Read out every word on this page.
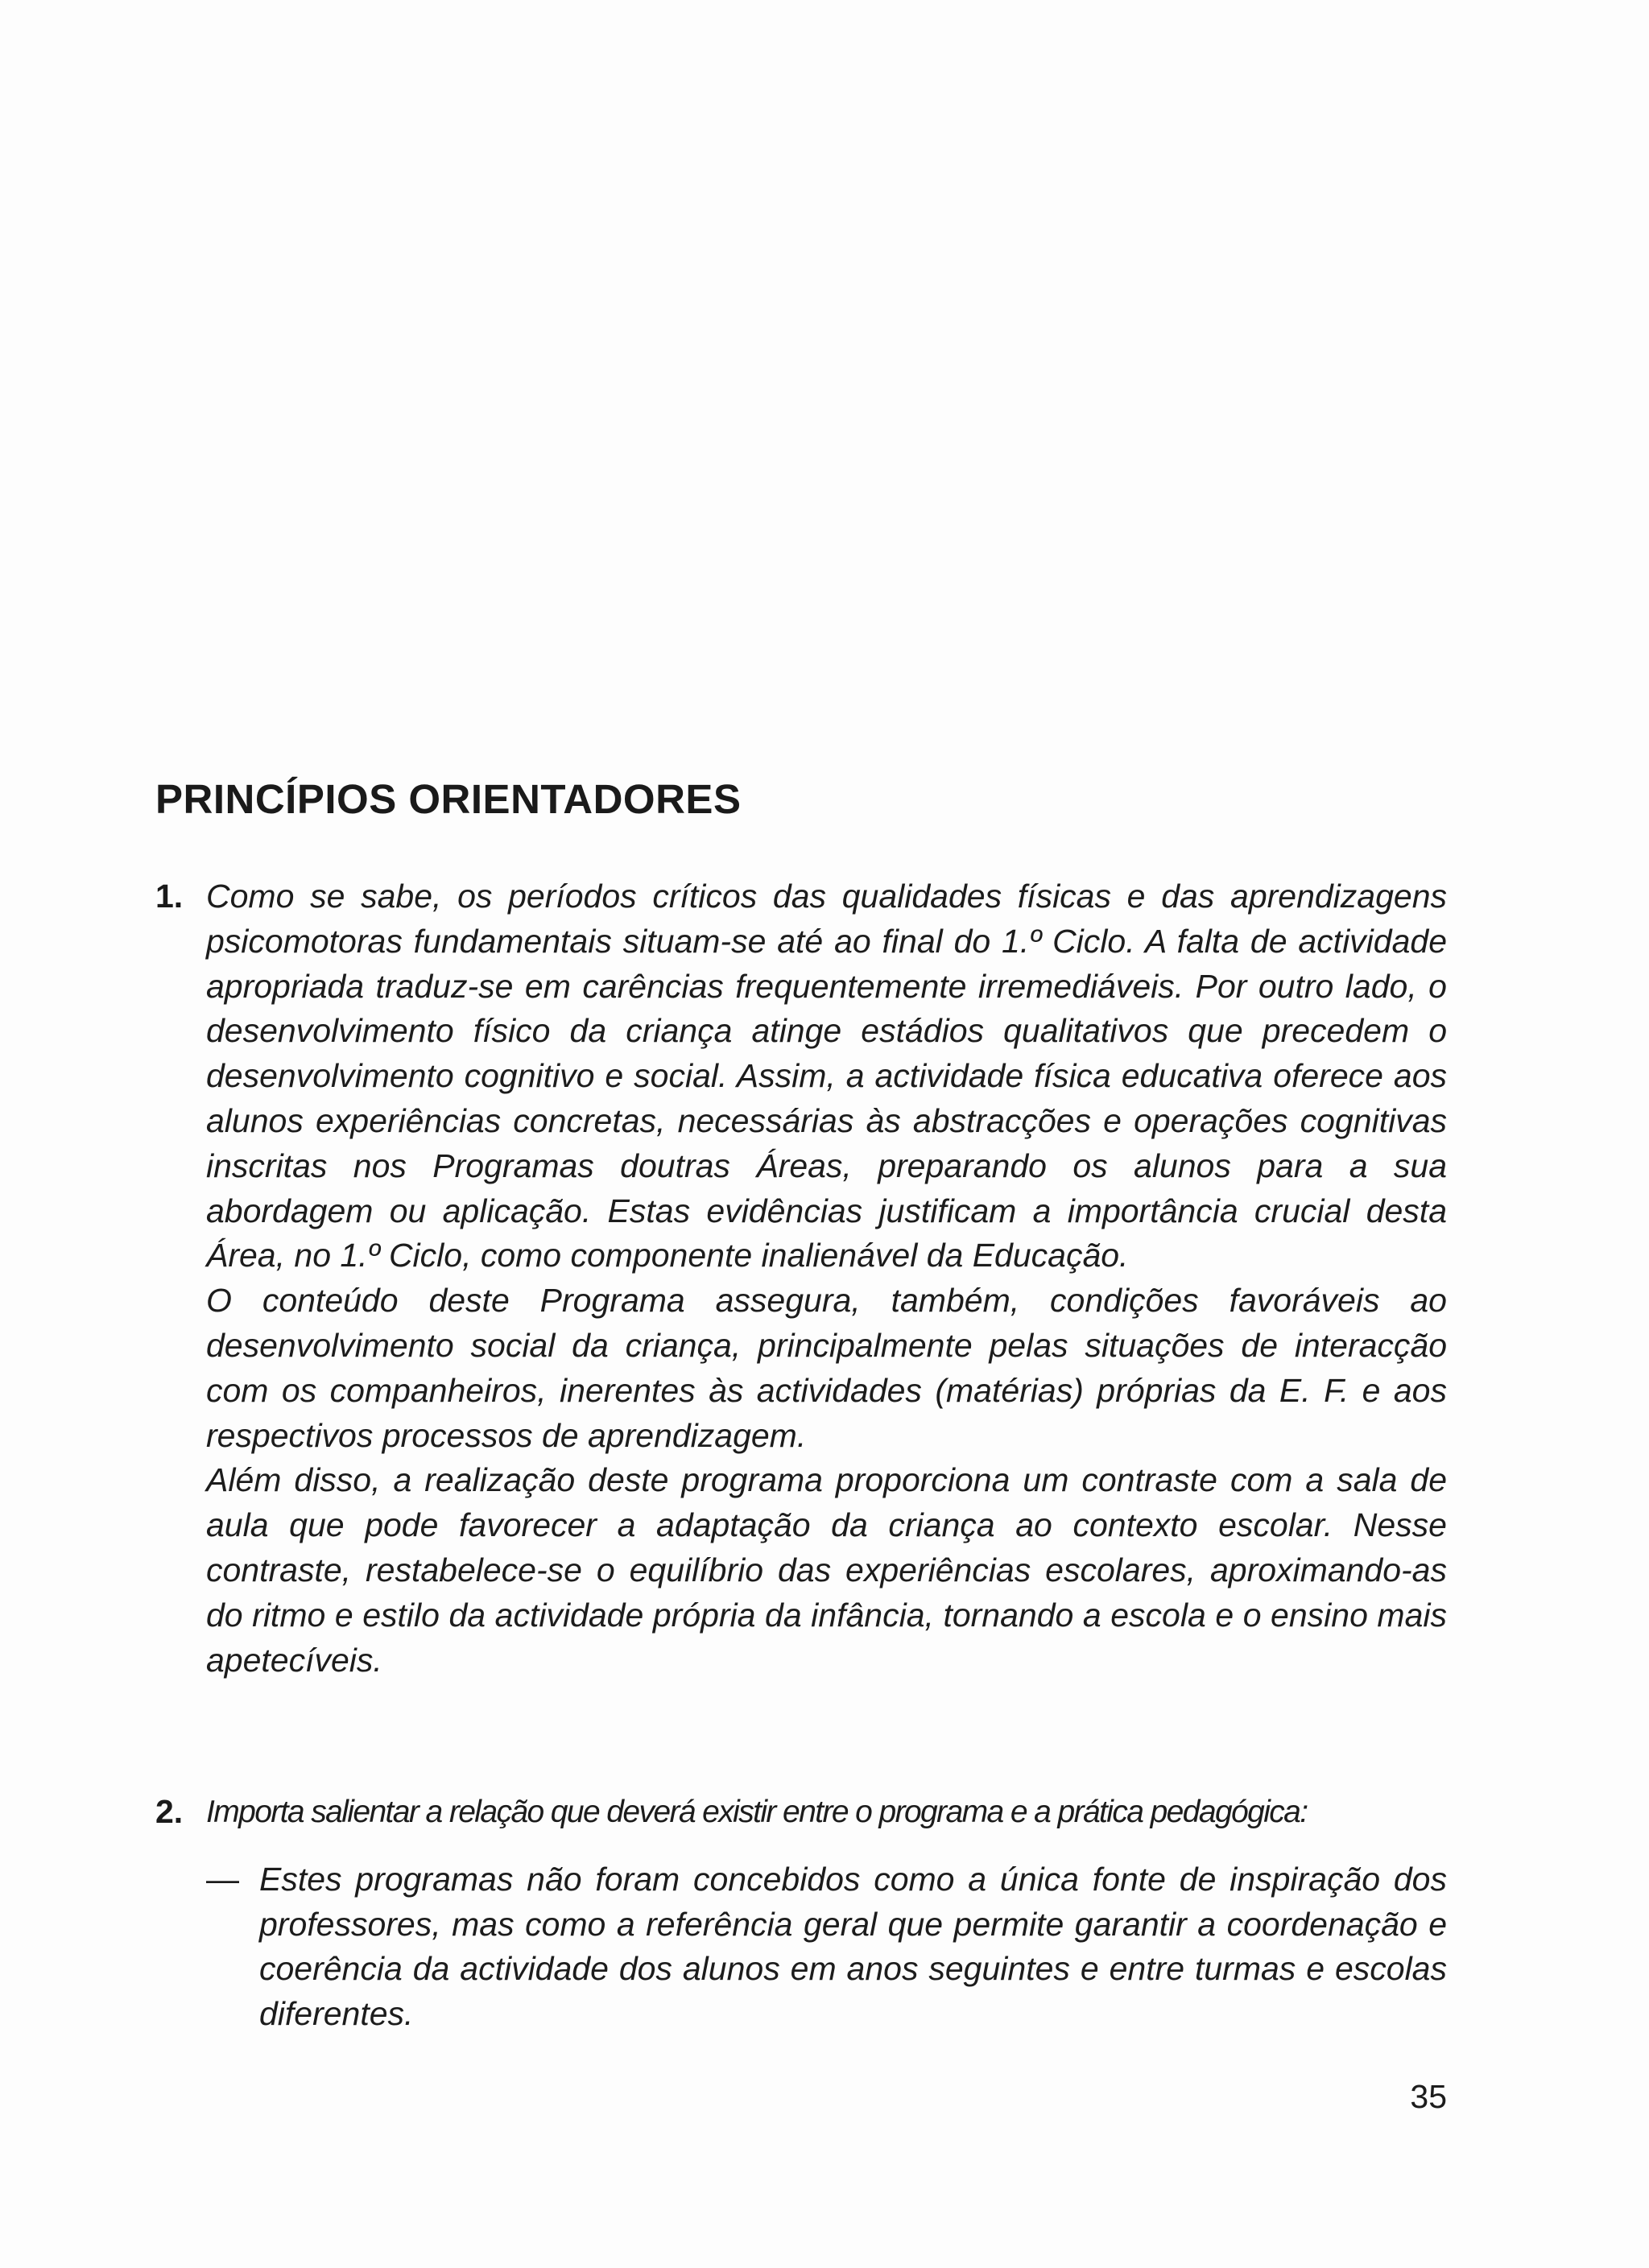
PRINCÍPIOS ORIENTADORES
1. Como se sabe, os períodos críticos das qualidades físicas e das aprendizagens psicomotoras fundamentais situam-se até ao final do 1.º Ciclo. A falta de actividade apropriada traduz-se em carências frequentemente irremediáveis. Por outro lado, o desenvolvimento físico da criança atinge estádios qualitativos que precedem o desenvolvimento cognitivo e social. Assim, a actividade física educativa oferece aos alunos experiências concretas, necessárias às abstracções e operações cognitivas inscritas nos Programas doutras Áreas, preparando os alunos para a sua abordagem ou aplicação. Estas evidências justificam a importância crucial desta Área, no 1.º Ciclo, como componente inalienável da Educação.

O conteúdo deste Programa assegura, também, condições favoráveis ao desenvolvimento social da criança, principalmente pelas situações de interacção com os companheiros, inerentes às actividades (matérias) próprias da E. F. e aos respectivos processos de aprendizagem.

Além disso, a realização deste programa proporciona um contraste com a sala de aula que pode favorecer a adaptação da criança ao contexto escolar. Nesse contraste, restabelece-se o equilíbrio das experiências escolares, aproximando-as do ritmo e estilo da actividade própria da infância, tornando a escola e o ensino mais apetecíveis.

2. Importa salientar a relação que deverá existir entre o programa e a prática pedagógica:

— Estes programas não foram concebidos como a única fonte de inspiração dos professores, mas como a referência geral que permite garantir a coordenação e coerência da actividade dos alunos em anos seguintes e entre turmas e escolas diferentes.

35
